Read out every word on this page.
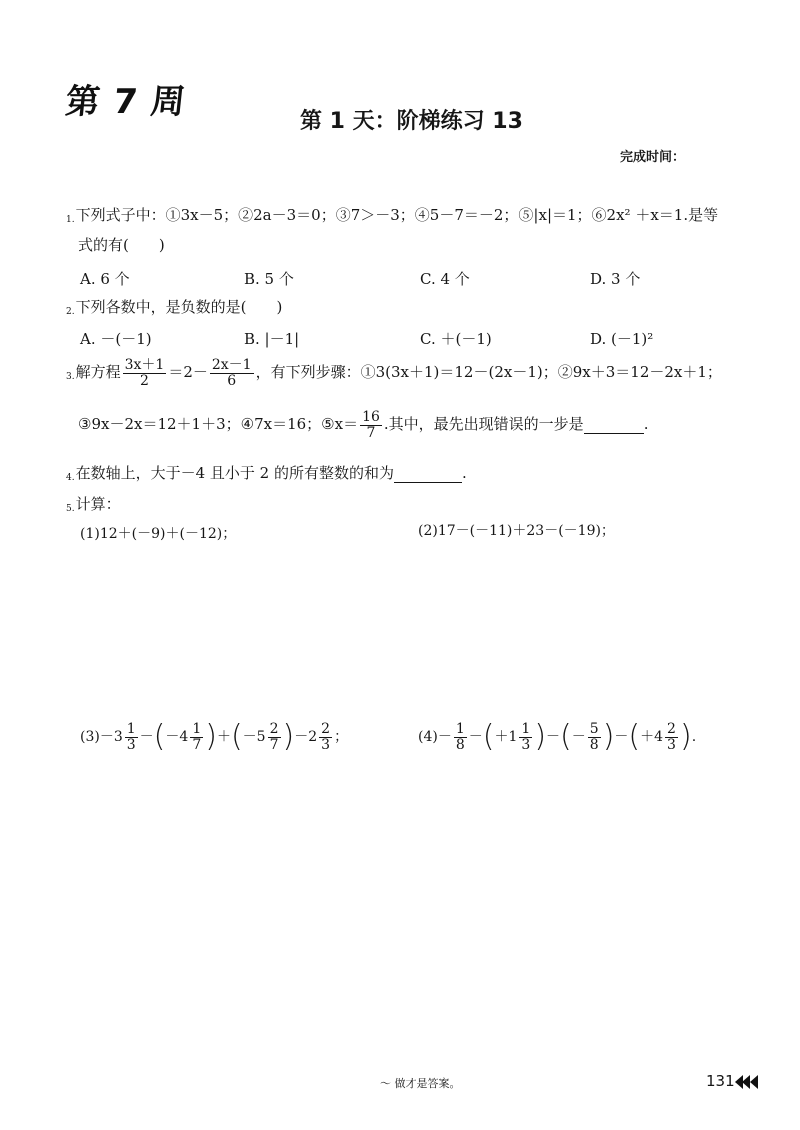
第 7 周	第 1 天：阶梯练习 13
完成时间：
1.下列式子中：①3x－5；②2a－3＝0；③7＞－3；④5－7＝－2；⑤|x|＝1；⑥2x² ＋x＝1.是等
式的有(　　)
A. 6 个	B. 5 个	C. 4 个	D. 3 个
2.下列各数中，是负数的是(　　)
A. －(－1)	B. |－1|	C. ＋(－1)	D. (－1)²
3.解方程 $\frac{3x+1}{2} =2- \frac{2x-1}{6}$ ，有下列步骤：①3(3x＋1)＝12－(2x－1)；②9x＋3＝12－2x＋1；
③9x－2x＝12＋1＋3；④7x＝16；⑤x＝ $\frac{16}{7}$ .其中，最先出现错误的一步是	.
4.在数轴上，大于－4 且小于 2 的所有整数的和为	.
5.计算：
(1)12＋(－9)＋(－12)；	(2)17－(－11)＋23－(－19)；
$(3)-3 \frac{1}{3} -(-4 \frac{1}{7} )+(-5 \frac{2}{7} )-2 \frac{2}{3}$ ；	$(4)- \frac{1}{8} -(+1 \frac{1}{3}$ )－(－ $\frac{5}{8} )-(+4 \frac{2}{3}$ ).
～ 做才是答案。	131
